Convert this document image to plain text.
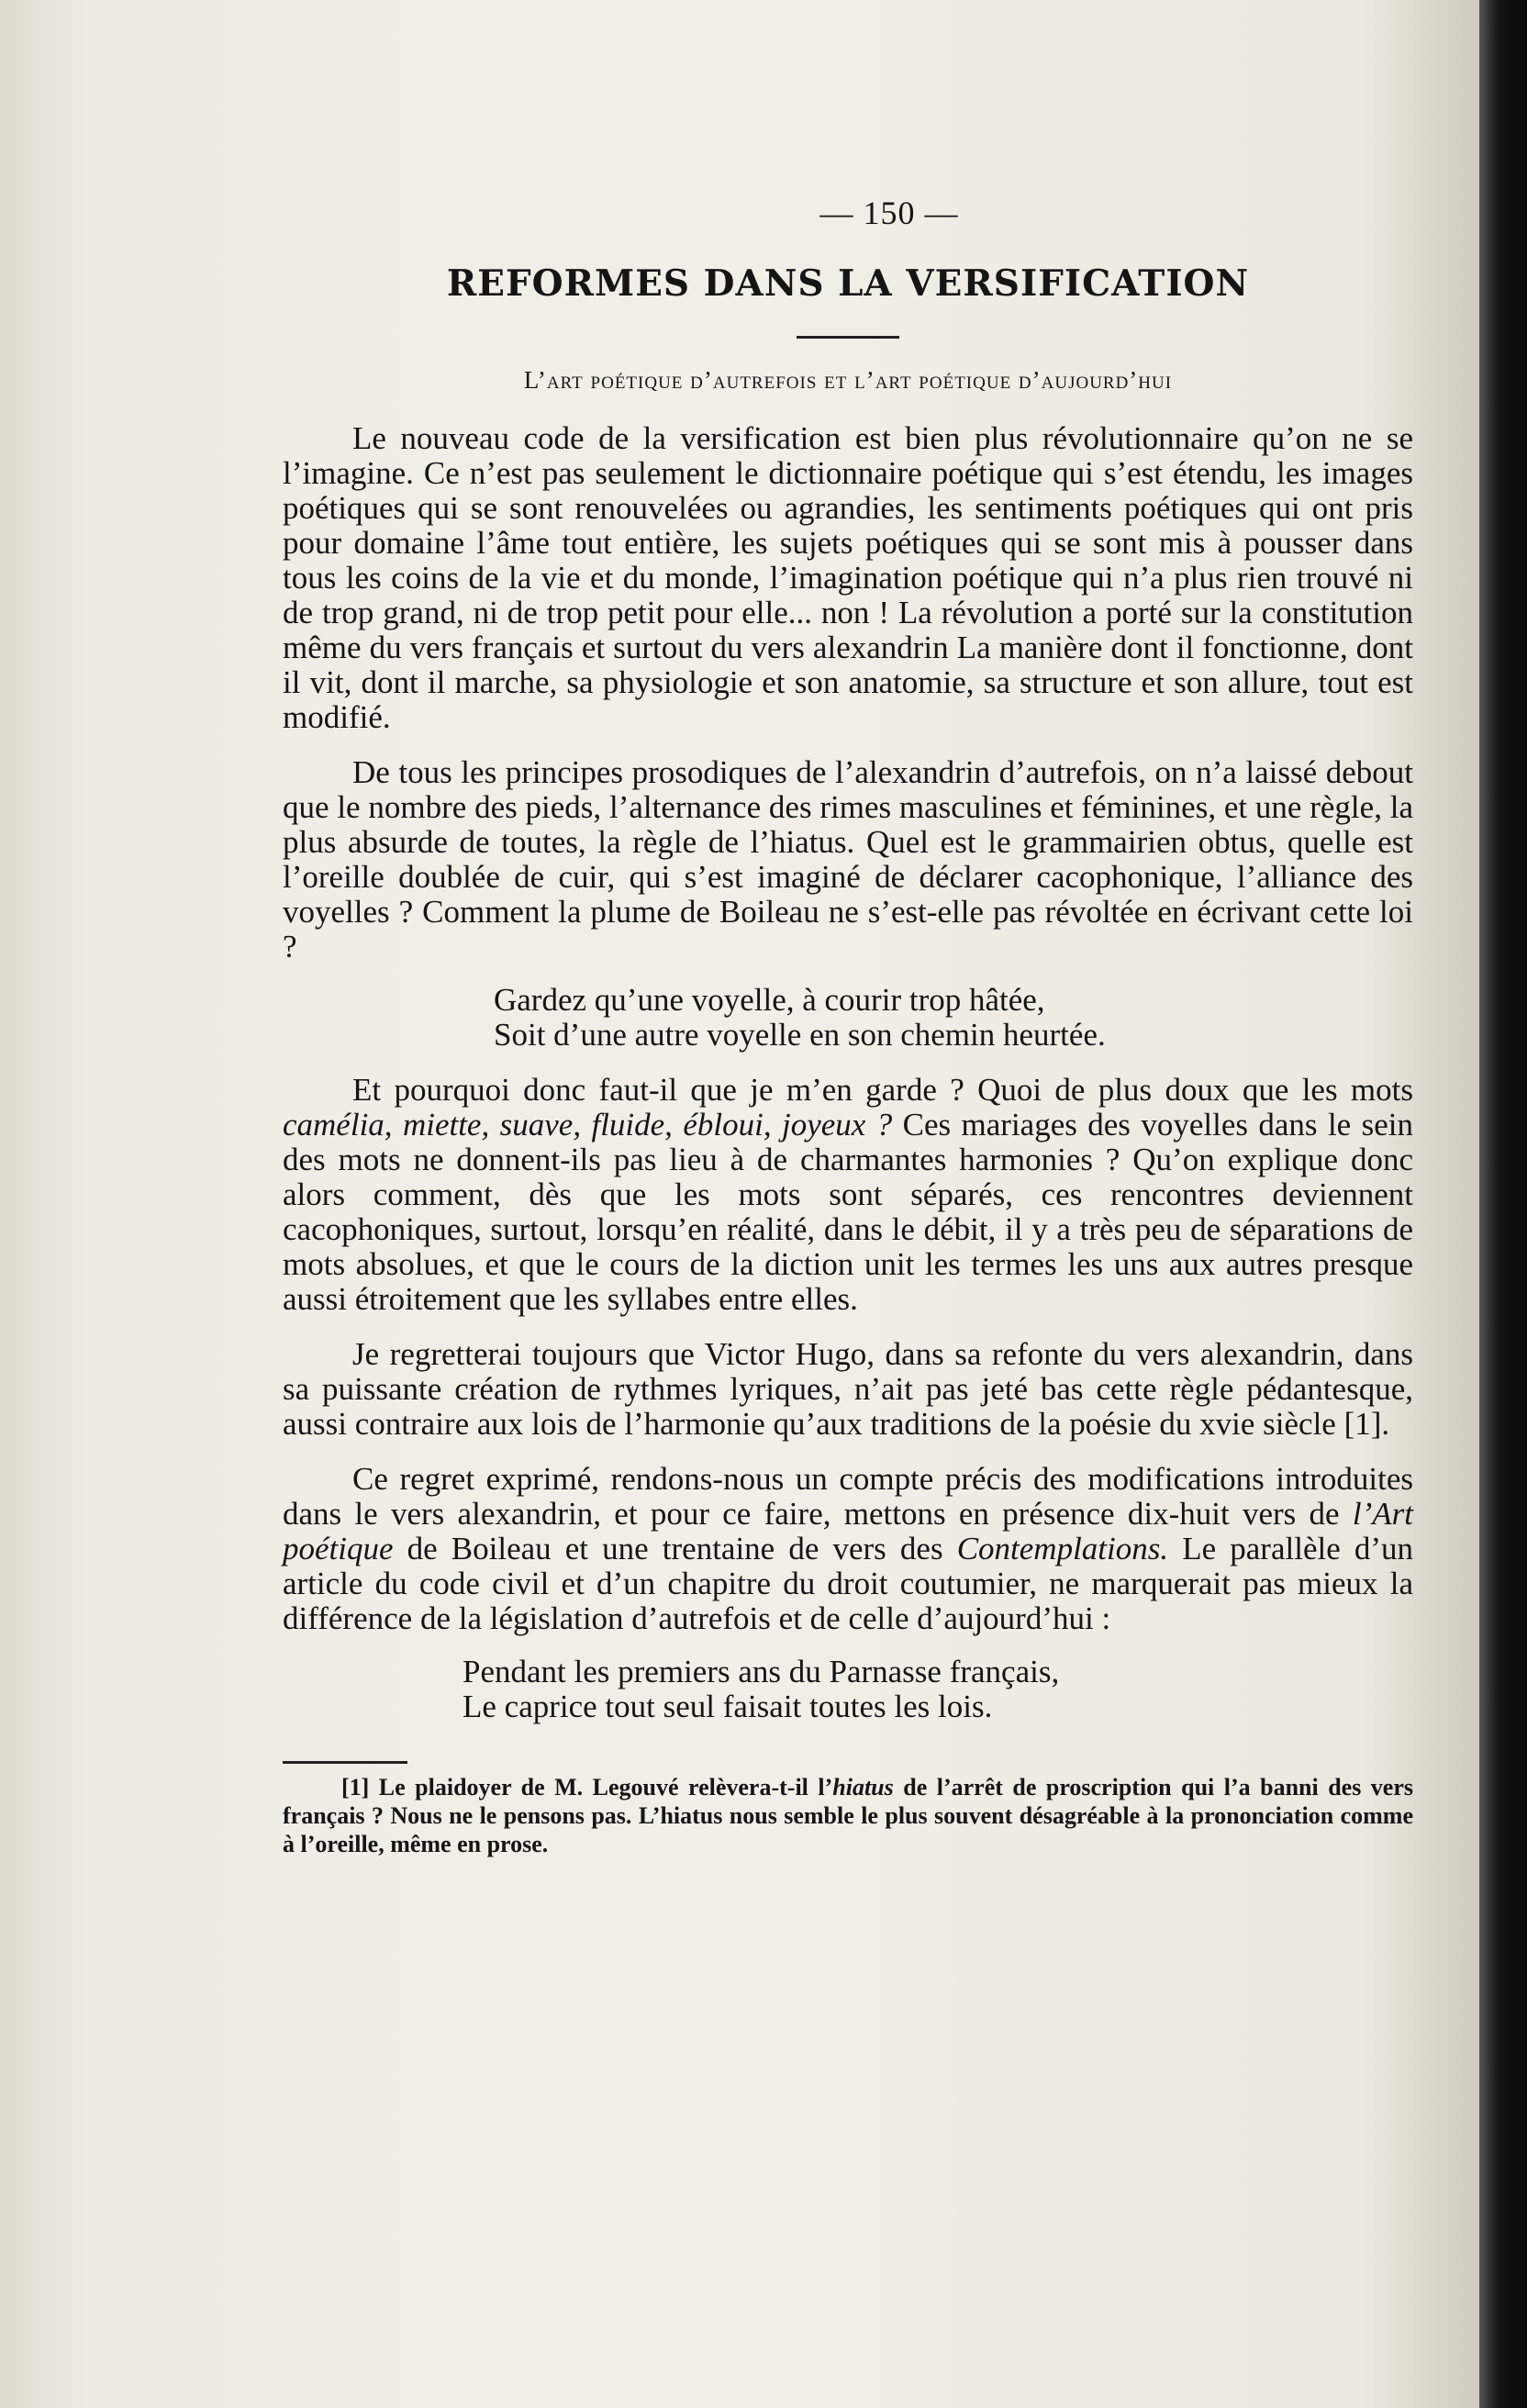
— 150 —
REFORMES DANS LA VERSIFICATION
L’art poétique d’autrefois et l’art poétique d’aujourd’hui

Le nouveau code de la versification est bien plus révolutionnaire qu’on ne se l’imagine. Ce n’est pas seulement le dictionnaire poétique qui s’est étendu, les images poétiques qui se sont renouvelées ou agrandies, les sentiments poétiques qui ont pris pour domaine l’âme tout entière, les sujets poétiques qui se sont mis à pousser dans tous les coins de la vie et du monde, l’imagination poétique qui n’a plus rien trouvé ni de trop grand, ni de trop petit pour elle... non ! La révolution a porté sur la constitution même du vers français et surtout du vers alexandrin La manière dont il fonctionne, dont il vit, dont il marche, sa physiologie et son anatomie, sa structure et son allure, tout est modifié.

De tous les principes prosodiques de l’alexandrin d’autrefois, on n’a laissé debout que le nombre des pieds, l’alternance des rimes masculines et féminines, et une règle, la plus absurde de toutes, la règle de l’hiatus. Quel est le grammairien obtus, quelle est l’oreille doublée de cuir, qui s’est imaginé de déclarer cacophonique, l’alliance des voyelles ? Comment la plume de Boileau ne s’est-elle pas révoltée en écrivant cette loi ?

Gardez qu’une voyelle, à courir trop hâtée,
Soit d’une autre voyelle en son chemin heurtée.

Et pourquoi donc faut-il que je m’en garde ? Quoi de plus doux que les mots camélia, miette, suave, fluide, ébloui, joyeux ? Ces mariages des voyelles dans le sein des mots ne donnent-ils pas lieu à de charmantes harmonies ? Qu’on explique donc alors comment, dès que les mots sont séparés, ces rencontres deviennent cacophoniques, surtout, lorsqu’en réalité, dans le débit, il y a très peu de séparations de mots absolues, et que le cours de la diction unit les termes les uns aux autres presque aussi étroitement que les syllabes entre elles.

Je regretterai toujours que Victor Hugo, dans sa refonte du vers alexandrin, dans sa puissante création de rythmes lyriques, n’ait pas jeté bas cette règle pédantesque, aussi contraire aux lois de l’harmonie qu’aux traditions de la poésie du xvie siècle [1].

Ce regret exprimé, rendons-nous un compte précis des modifications introduites dans le vers alexandrin, et pour ce faire, mettons en présence dix-huit vers de l’Art poétique de Boileau et une trentaine de vers des Contemplations. Le parallèle d’un article du code civil et d’un chapitre du droit coutumier, ne marquerait pas mieux la différence de la législation d’autrefois et de celle d’aujourd’hui :

Pendant les premiers ans du Parnasse français,
Le caprice tout seul faisait toutes les lois.

[1] Le plaidoyer de M. Legouvé relèvera-t-il l’hiatus de l’arrêt de proscription qui l’a banni des vers français ? Nous ne le pensons pas. L’hiatus nous semble le plus souvent désagréable à la prononciation comme à l’oreille, même en prose.
